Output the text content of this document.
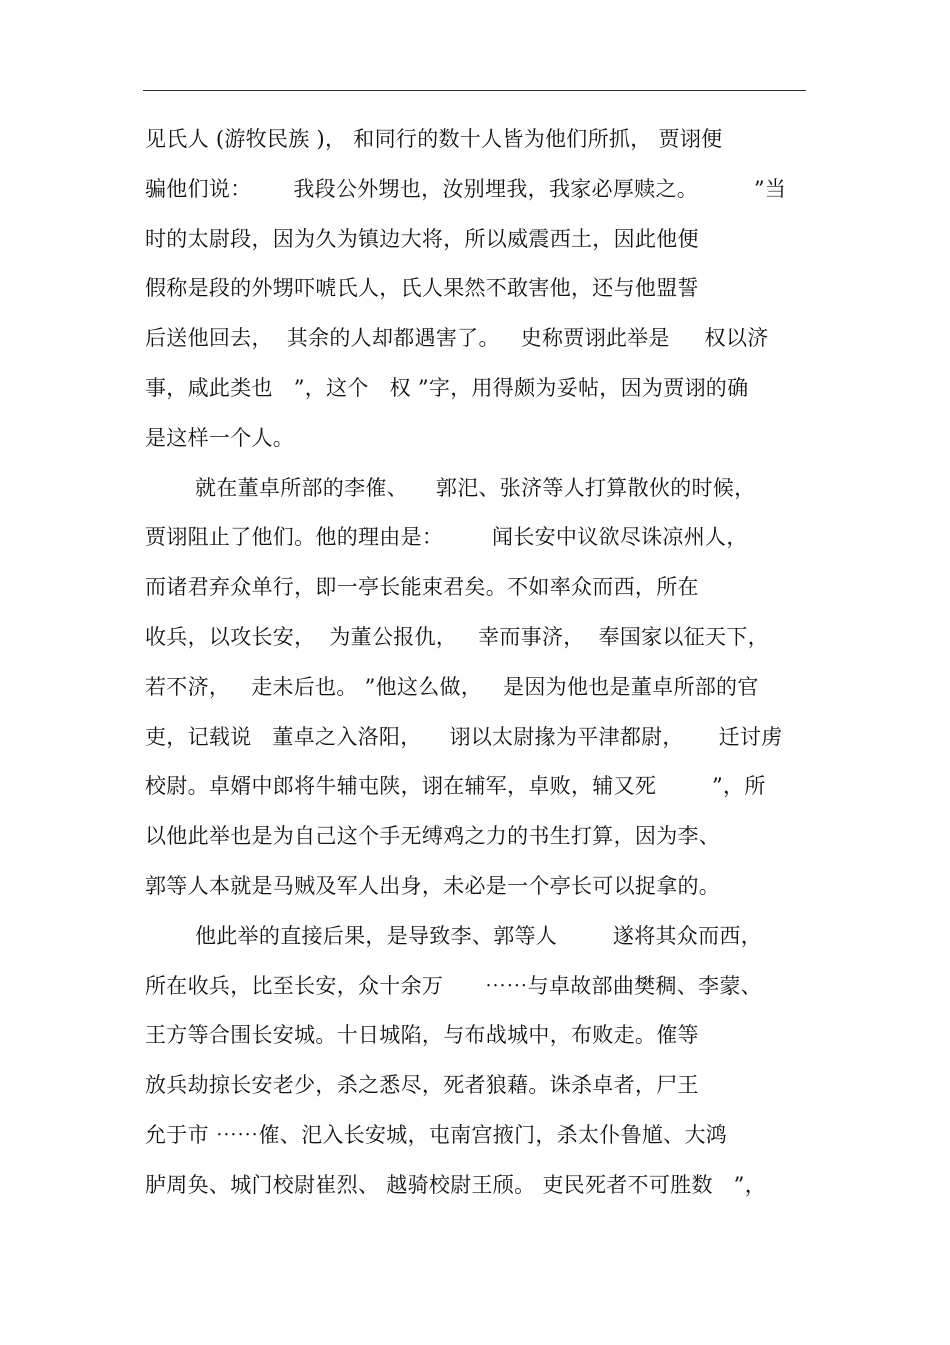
见氏人 (游牧民族 )， 和同行的数十人皆为他们所抓， 贾诩便
骗他们说：      我段公外甥也，汝别埋我，我家必厚赎之。        ”当
时的太尉段，因为久为镇边大将，所以威震西土，因此他便
假称是段的外甥吓唬氏人，氏人果然不敢害他，还与他盟誓
后送他回去，  其余的人却都遇害了。   史称贾诩此举是     权以济
事，咸此类也   ”，这个   权 ”字，用得颇为妥帖，因为贾诩的确
是这样一个人。
就在董卓所部的李傕、    郭汜、张济等人打算散伙的时候，
贾诩阻止了他们。他的理由是：       闻长安中议欲尽诛凉州人，
而诸君弃众单行，即一亭长能束君矣。不如率众而西，所在
收兵，以攻长安，  为董公报仇，   幸而事济，  奉国家以征天下，
若不济，   走未后也。 ”他这么做，   是因为他也是董卓所部的官
吏，记载说   董卓之入洛阳，    诩以太尉掾为平津都尉，     迁讨虏
校尉。卓婿中郎将牛辅屯陕，诩在辅军，卓败，辅又死        ”，所
以他此举也是为自己这个手无缚鸡之力的书生打算，因为李、
郭等人本就是马贼及军人出身，未必是一个亭长可以捉拿的。
他此举的直接后果，是导致李、郭等人        遂将其众而西，
所在收兵，比至长安，众十余万      ⋯⋯与卓故部曲樊稠、李蒙、
王方等合围长安城。十日城陷，与布战城中，布败走。傕等
放兵劫掠长安老少，杀之悉尽，死者狼藉。诛杀卓者，尸王
允于市 ⋯⋯傕、汜入长安城，屯南宫掖门，杀太仆鲁馗、大鸿
胪周奂、城门校尉崔烈、 越骑校尉王颀。 吏民死者不可胜数   ”，
